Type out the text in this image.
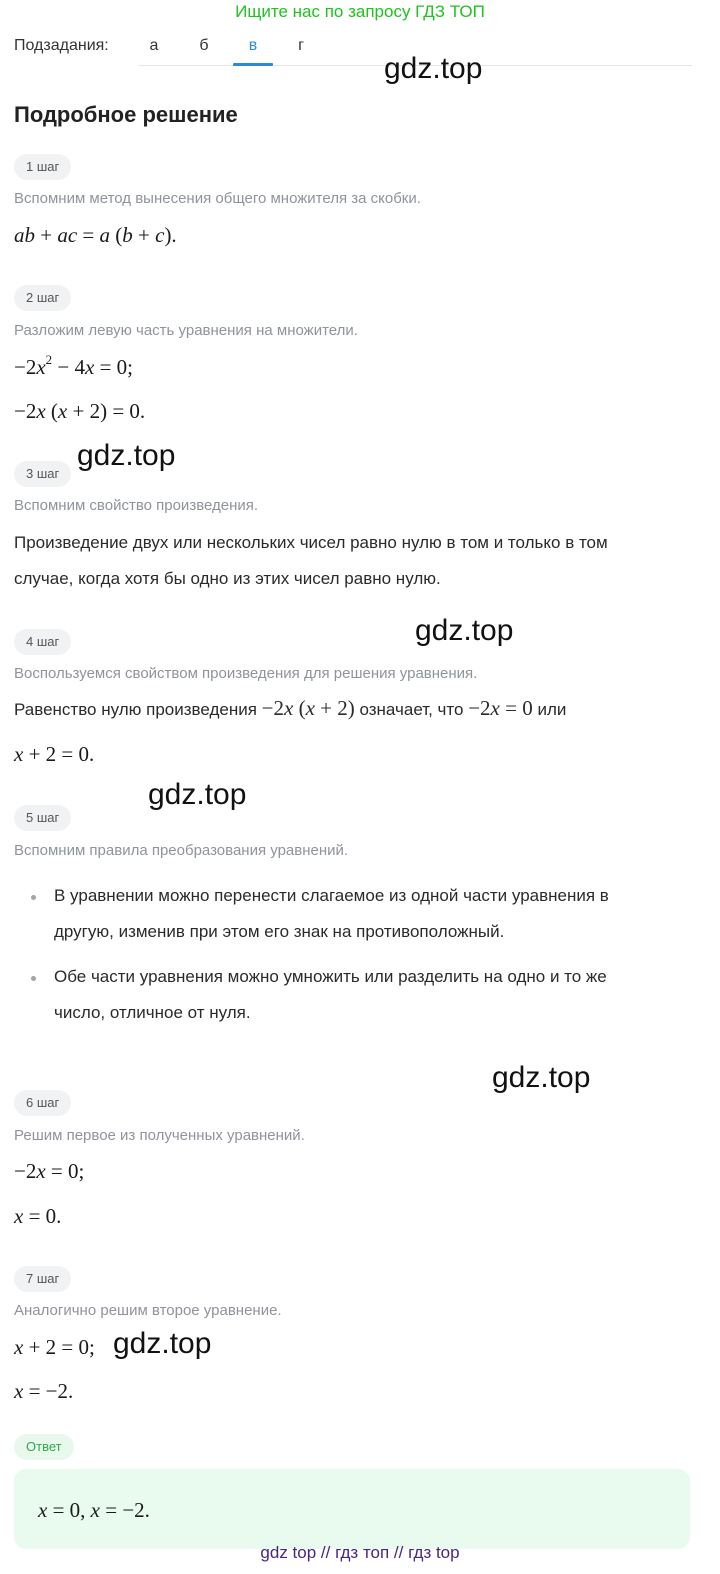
Ищите нас по запросу ГДЗ ТОП
Подзадания:	а	б	в	г
Подробное решение
1 шаг
Вспомним метод вынесения общего множителя за скобки.
ab + ac = a (b + c).
2 шаг
Разложим левую часть уравнения на множители.
$-2x^2 - 4x = 0$;
−2x (x + 2) = 0.
3 шаг
Вспомним свойство произведения.
Произведение двух или нескольких чисел равно нулю в том и только в том
случае, когда хотя бы одно из этих чисел равно нулю.
4 шаг
Воспользуемся свойством произведения для решения уравнения.
Равенство нулю произведения −2x (x + 2) означает, что −2x = 0 или
x + 2 = 0.
5 шаг
Вспомним правила преобразования уравнений.
В уравнении можно перенести слагаемое из одной части уравнения в
другую, изменив при этом его знак на противоположный.
Обе части уравнения можно умножить или разделить на одно и то же
число, отличное от нуля.
6 шаг
Решим первое из полученных уравнений.
−2x = 0;
x = 0.
7 шаг
Аналогично решим второе уравнение.
x + 2 = 0;
x = −2.
Ответ
x = 0, x = −2.
gdz.top
gdz.top
gdz.top
gdz.top
gdz.top
gdz.top
gdz top // гдз топ // гдз top
